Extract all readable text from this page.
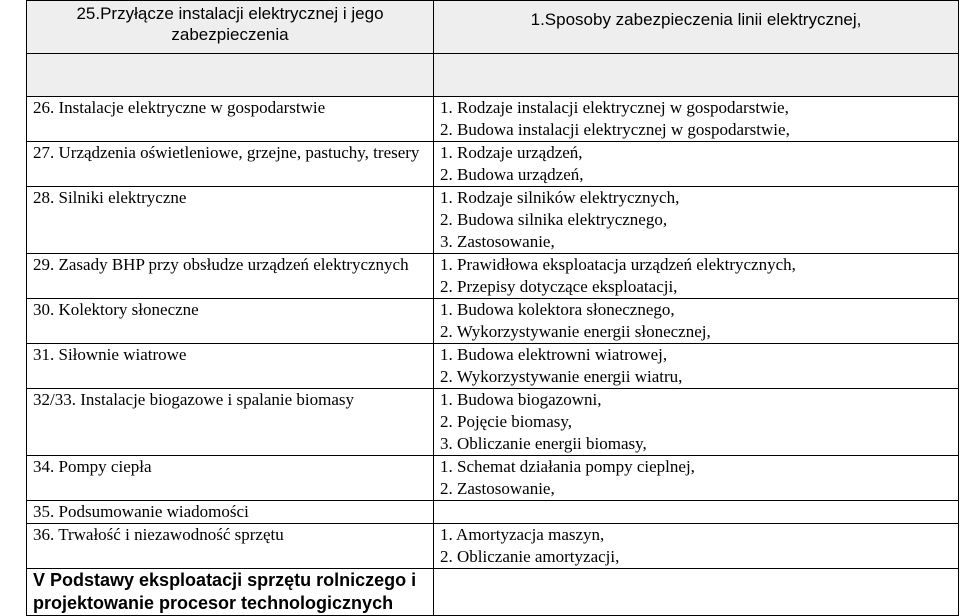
25.Przyłącze instalacji elektrycznej i jego zabezpieczenia	1.Sposoby zabezpieczenia linii elektrycznej,

26. Instalacje elektryczne w gospodarstwie	1. Rodzaje instalacji elektrycznej w gospodarstwie,
2. Budowa instalacji elektrycznej w gospodarstwie,

27. Urządzenia oświetleniowe, grzejne, pastuchy, tresery	1. Rodzaje urządzeń,
2. Budowa urządzeń,

28. Silniki elektryczne	1. Rodzaje silników elektrycznych,
2. Budowa silnika elektrycznego,
3. Zastosowanie,

29. Zasady BHP przy obsłudze urządzeń elektrycznych	1. Prawidłowa eksploatacja urządzeń elektrycznych,
2. Przepisy dotyczące eksploatacji,

30. Kolektory słoneczne	1. Budowa kolektora słonecznego,
2. Wykorzystywanie energii słonecznej,

31. Siłownie wiatrowe	1. Budowa elektrowni wiatrowej,
2. Wykorzystywanie energii wiatru,

32/33. Instalacje biogazowe i spalanie biomasy	1. Budowa biogazowni,
2. Pojęcie biomasy,
3. Obliczanie energii biomasy,

34. Pompy ciepła	1. Schemat działania pompy cieplnej,
2. Zastosowanie,

35. Podsumowanie wiadomości	

36. Trwałość i niezawodność sprzętu	1. Amortyzacja maszyn,
2. Obliczanie amortyzacji,

V Podstawy eksploatacji sprzętu rolniczego i
projektowanie procesor technologicznych	
